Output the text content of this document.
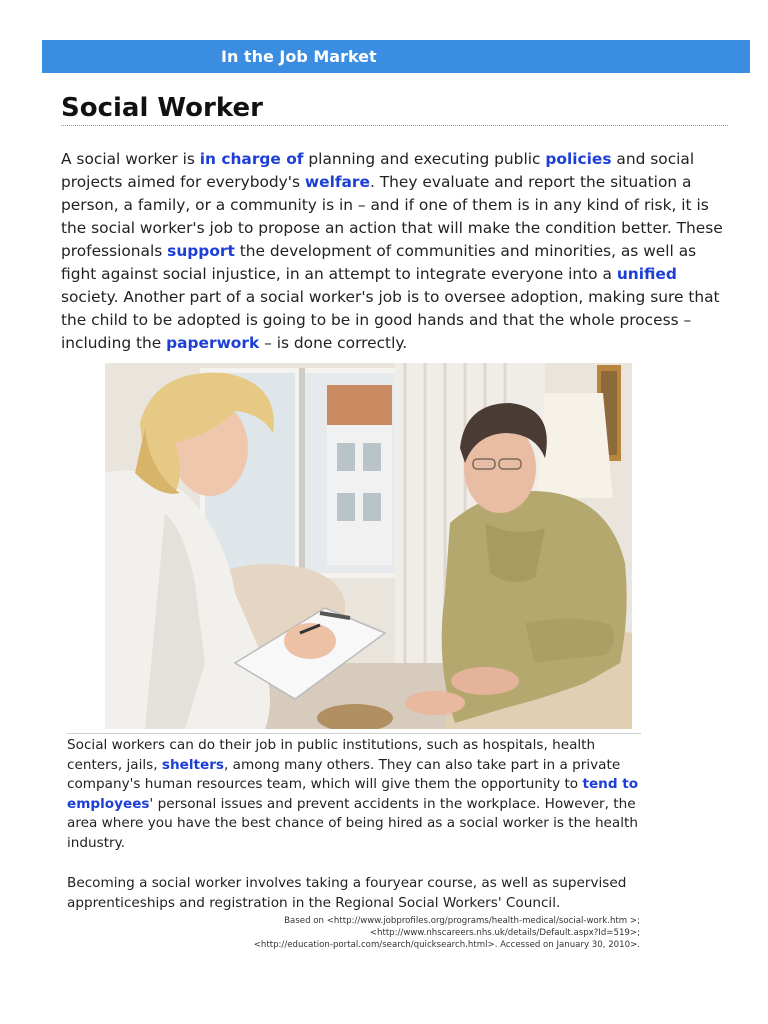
In the Job Market
Social Worker

A social worker is in charge of planning and executing public policies and social projects aimed for everybody's welfare. They evaluate and report the situation a person, a family, or a community is in – and if one of them is in any kind of risk, it is the social worker's job to propose an action that will make the condition better. These professionals support the development of communities and minorities, as well as fight against social injustice, in an attempt to integrate everyone into a unified society. Another part of a social worker's job is to oversee adoption, making sure that the child to be adopted is going to be in good hands and that the whole process – including the paperwork – is done correctly.

Social workers can do their job in public institutions, such as hospitals, health centers, jails, shelters, among many others. They can also take part in a private company's human resources team, which will give them the opportunity to tend to employees' personal issues and prevent accidents in the workplace. However, the area where you have the best chance of being hired as a social worker is the health industry.

Becoming a social worker involves taking a fouryear course, as well as supervised apprenticeships and registration in the Regional Social Workers' Council.

Based on <http://www.jobprofiles.org/programs/health-medical/social-work.htm >;
<http://www.nhscareers.nhs.uk/details/Default.aspx?Id=519>;
<http://education-portal.com/search/quicksearch.html>. Accessed on January 30, 2010>.
